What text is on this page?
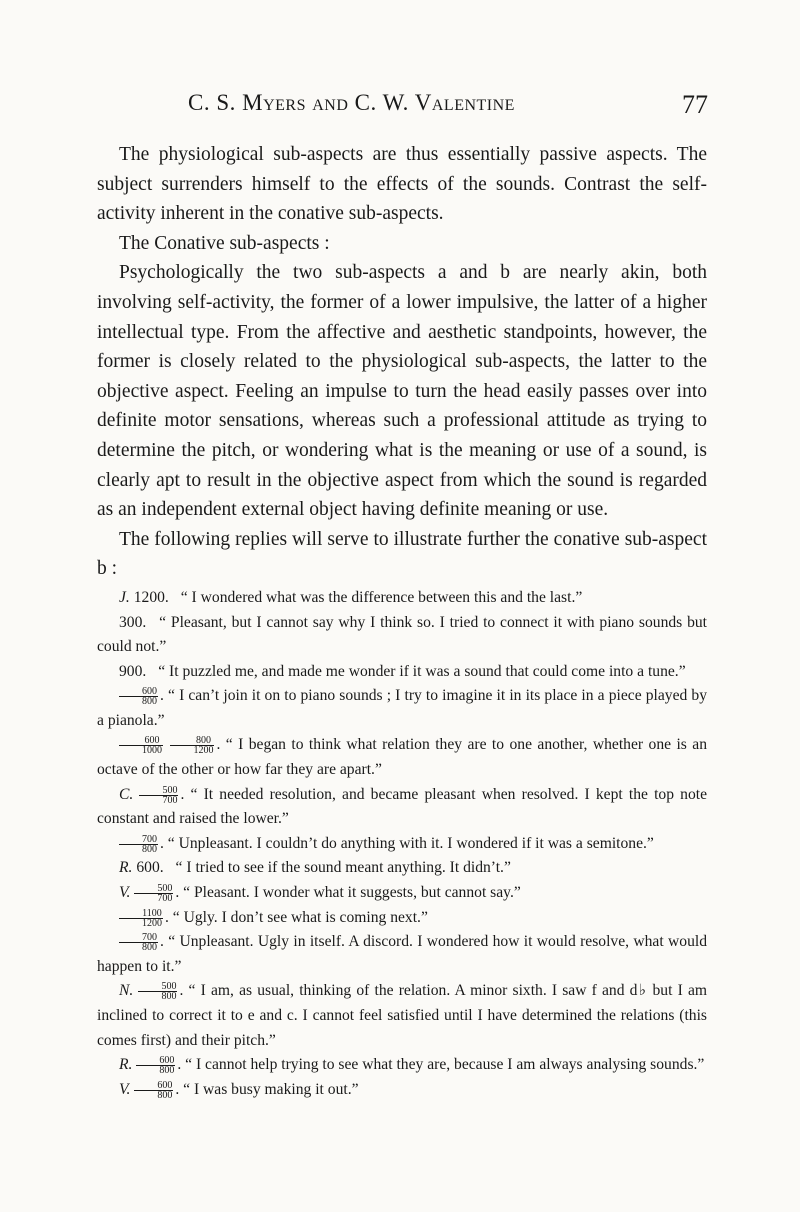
C. S. Myers and C. W. Valentine	77

The physiological sub-aspects are thus essentially passive aspects. The subject surrenders himself to the effects of the sounds. Contrast the self-activity inherent in the conative sub-aspects.

The Conative sub-aspects :

Psychologically the two sub-aspects a and b are nearly akin, both involving self-activity, the former of a lower impulsive, the latter of a higher intellectual type. From the affective and aesthetic standpoints, however, the former is closely related to the physiological sub-aspects, the latter to the objective aspect. Feeling an impulse to turn the head easily passes over into definite motor sensations, whereas such a professional attitude as trying to determine the pitch, or wondering what is the meaning or use of a sound, is clearly apt to result in the objective aspect from which the sound is regarded as an independent external object having definite meaning or use.

The following replies will serve to illustrate further the conative sub-aspect b :

J. 1200. “ I wondered what was the difference between this and the last.”

300. “ Pleasant, but I cannot say why I think so. I tried to connect it with piano sounds but could not.”

900. “ It puzzled me, and made me wonder if it was a sound that could come into a tune.”

$\frac{600}{800}$ . “ I can’t join it on to piano sounds ; I try to imagine it in its place in a piece played by a pianola.”

$\frac{600}{1000}$
$\frac{800}{1200}$ . “ I began to think what relation they are to one another, whether one is an octave of the other or how far they are apart.”

C. $\frac{500}{700}$ . “ It needed resolution, and became pleasant when resolved. I kept the top note constant and raised the lower.”

$\frac{700}{800}$ . “ Unpleasant. I couldn’t do anything with it. I wondered if it was a semitone.”

R. 600. “ I tried to see if the sound meant anything. It didn’t.”

V. $\frac{500}{700}$ . “ Pleasant. I wonder what it suggests, but cannot say.”

$\frac{1100}{1200}$ . “ Ugly. I don’t see what is coming next.”

$\frac{700}{800}$ . “ Unpleasant. Ugly in itself. A discord. I wondered how it would resolve, what would happen to it.”

N. $\frac{500}{800}$ . “ I am, as usual, thinking of the relation. A minor sixth. I saw f and d♭ but I am inclined to correct it to e and c. I cannot feel satisfied until I have determined the relations (this comes first) and their pitch.”

R. $\frac{600}{800}$ . “ I cannot help trying to see what they are, because I am always analysing sounds.”

V. $\frac{600}{800}$ . “ I was busy making it out.”
